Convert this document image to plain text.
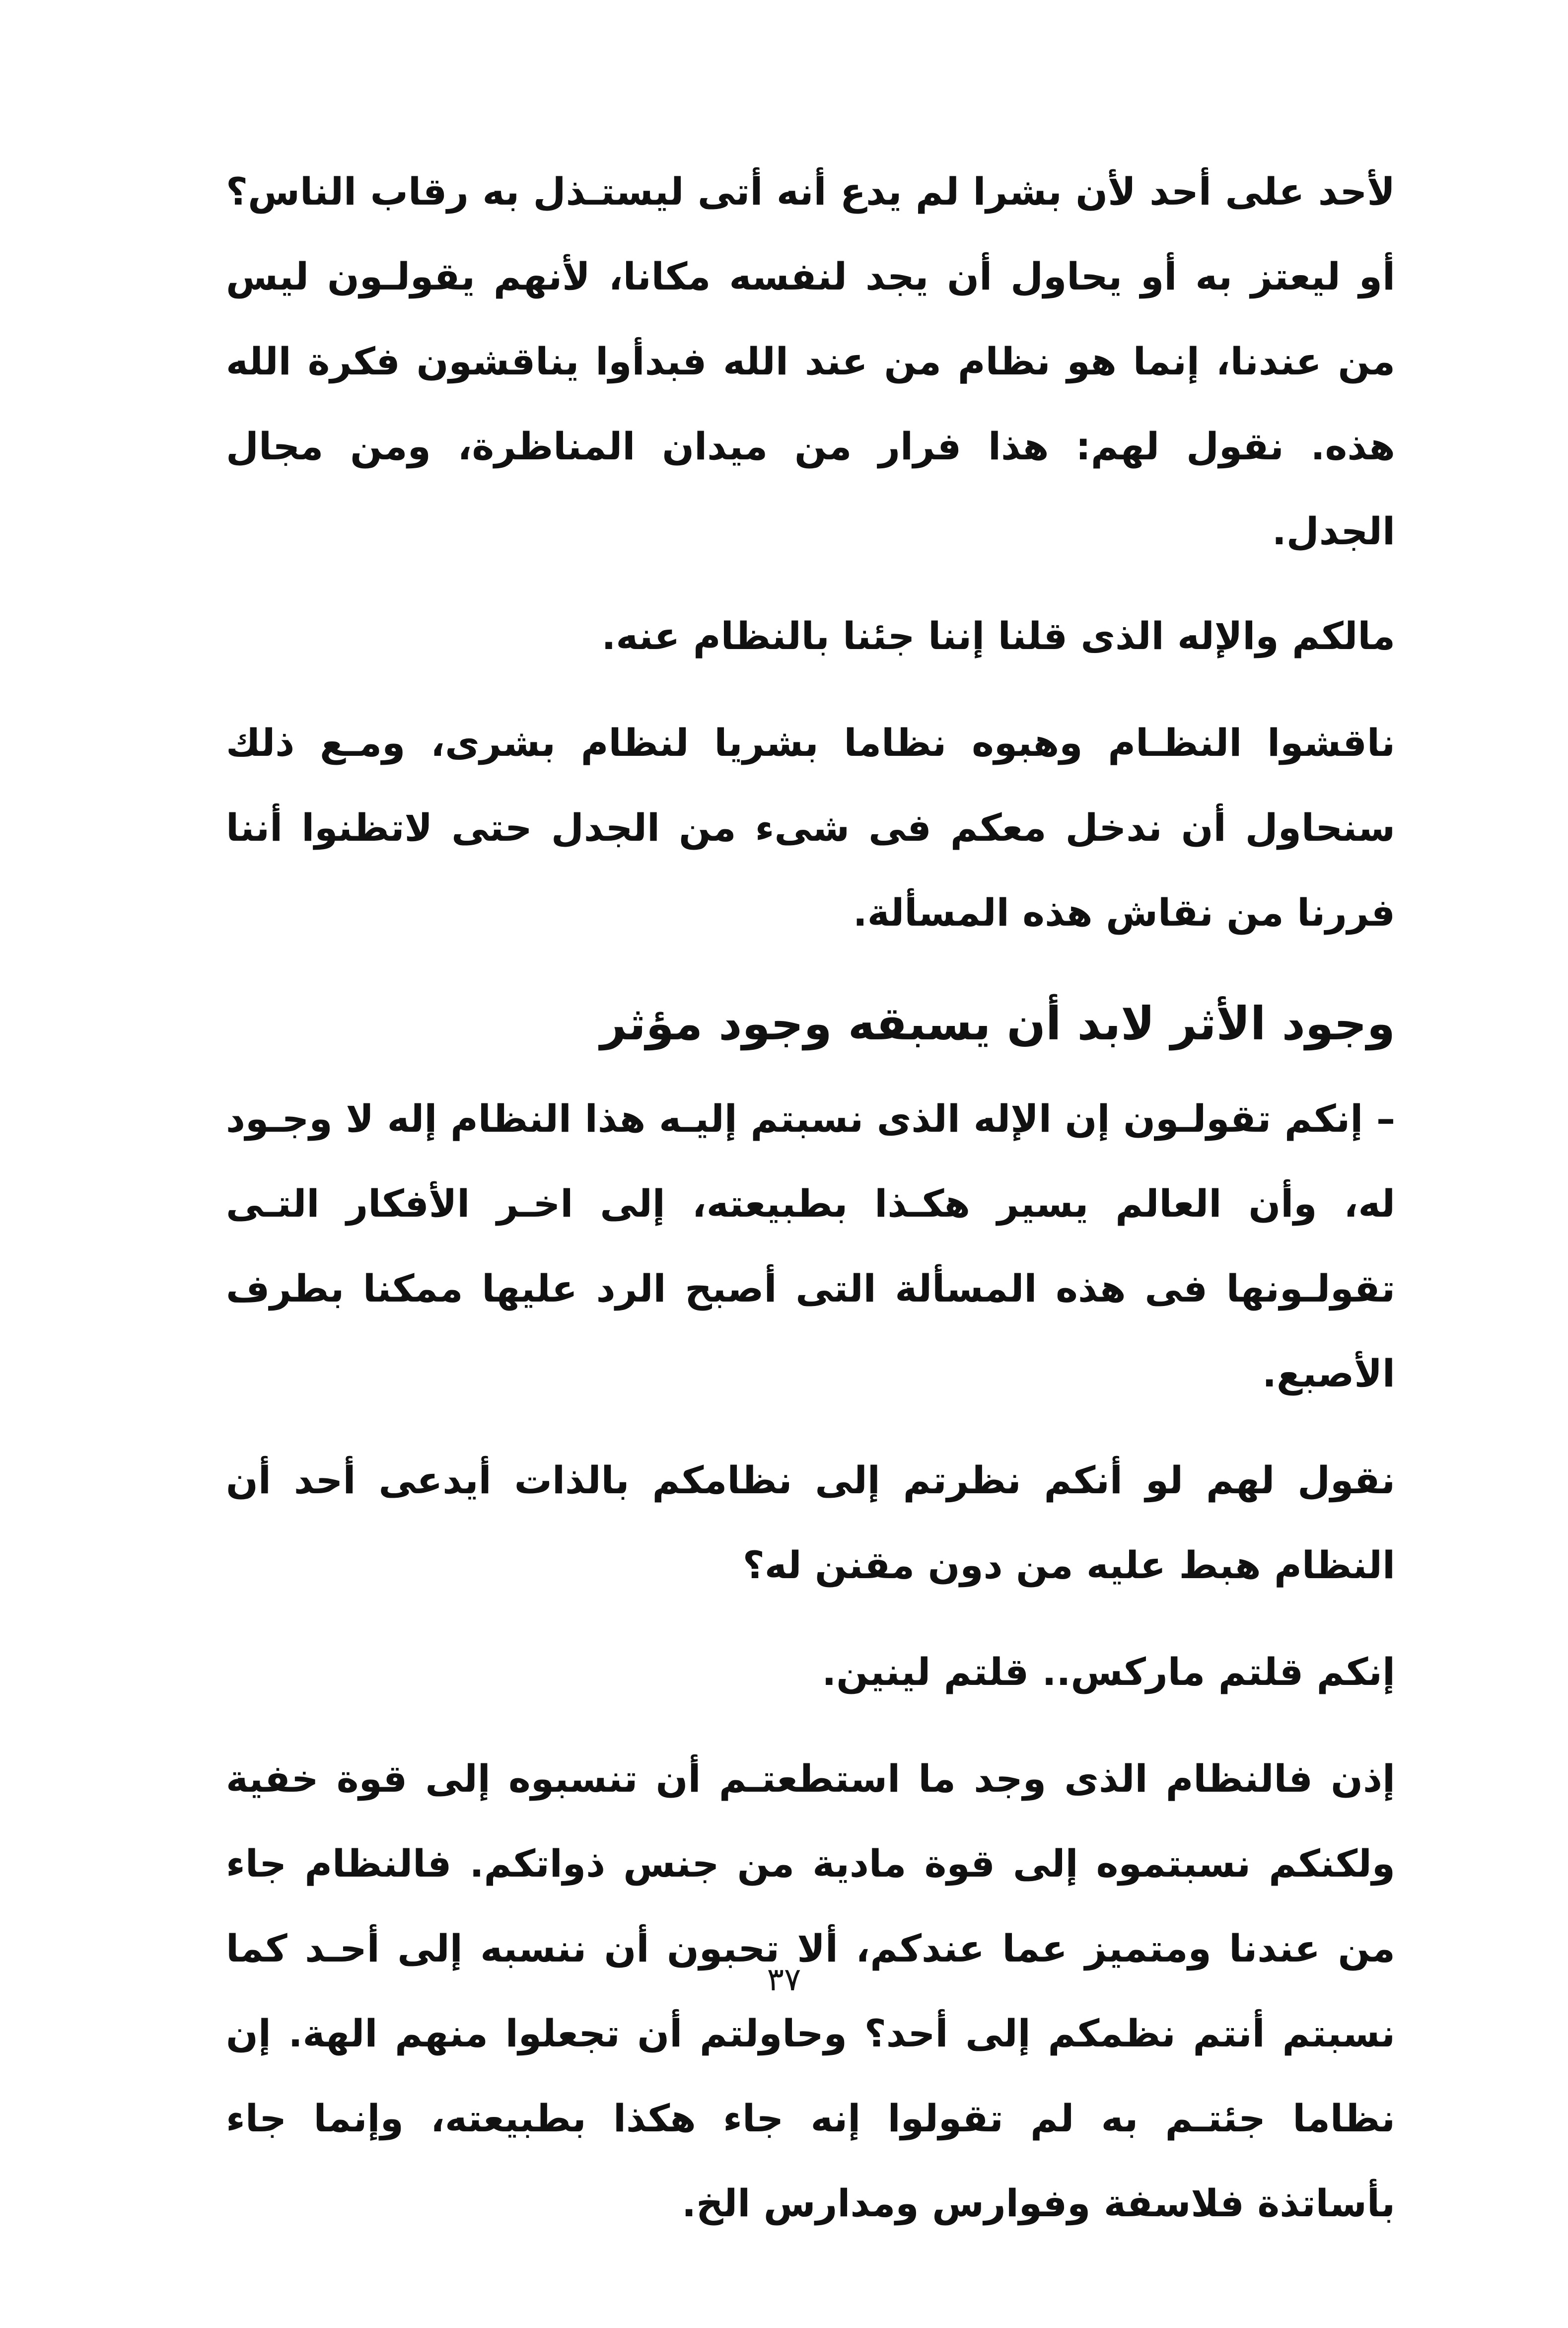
لأحد على أحد لأن بشرا لم يدع أنه أتى ليستـذل به رقاب الناس؟ أو ليعتز به أو يحاول أن يجد لنفسه مكانا، لأنهم يقولـون ليس من عندنا، إنما هو نظام من عند الله فبدأوا يناقشون فكرة الله هذه. نقول لهم: هذا فرار من ميدان المناظرة، ومن مجال الجدل.

مالكم والإله الذى قلنا إننا جئنا بالنظام عنه.

ناقشوا النظـام وهبوه نظاما بشريا لنظام بشرى، ومـع ذلك سنحاول أن ندخل معكم فى شىء من الجدل حتى لاتظنوا أننا فررنا من نقاش هذه المسألة.

وجود الأثر لابد أن يسبقه وجود مؤثر

– إنكم تقولـون إن الإله الذى نسبتم إليـه هذا النظام إله لا وجـود له، وأن العالم يسير هكـذا بطبيعته، إلى اخـر الأفكار التـى تقولـونها فى هذه المسألة التى أصبح الرد عليها ممكنا بطرف الأصبع.

نقول لهم لو أنكم نظرتم إلى نظامكم بالذات أيدعى أحد أن النظام هبط عليه من دون مقنن له؟

إنكم قلتم ماركس.. قلتم لينين.

إذن فالنظام الذى وجد ما استطعتـم أن تنسبوه إلى قوة خفية ولكنكم نسبتموه إلى قوة مادية من جنس ذواتكم. فالنظام جاء من عندنا ومتميز عما عندكم، ألا تحبون أن ننسبه إلى أحـد كما نسبتم أنتم نظمكم إلى أحد؟ وحاولتم أن تجعلوا منهم الهة. إن نظاما جئتـم به لم تقولوا إنه جاء هكذا بطبيعته، وإنما جاء بأساتذة فلاسفة وفوارس ومدارس الخ.

٣٧
